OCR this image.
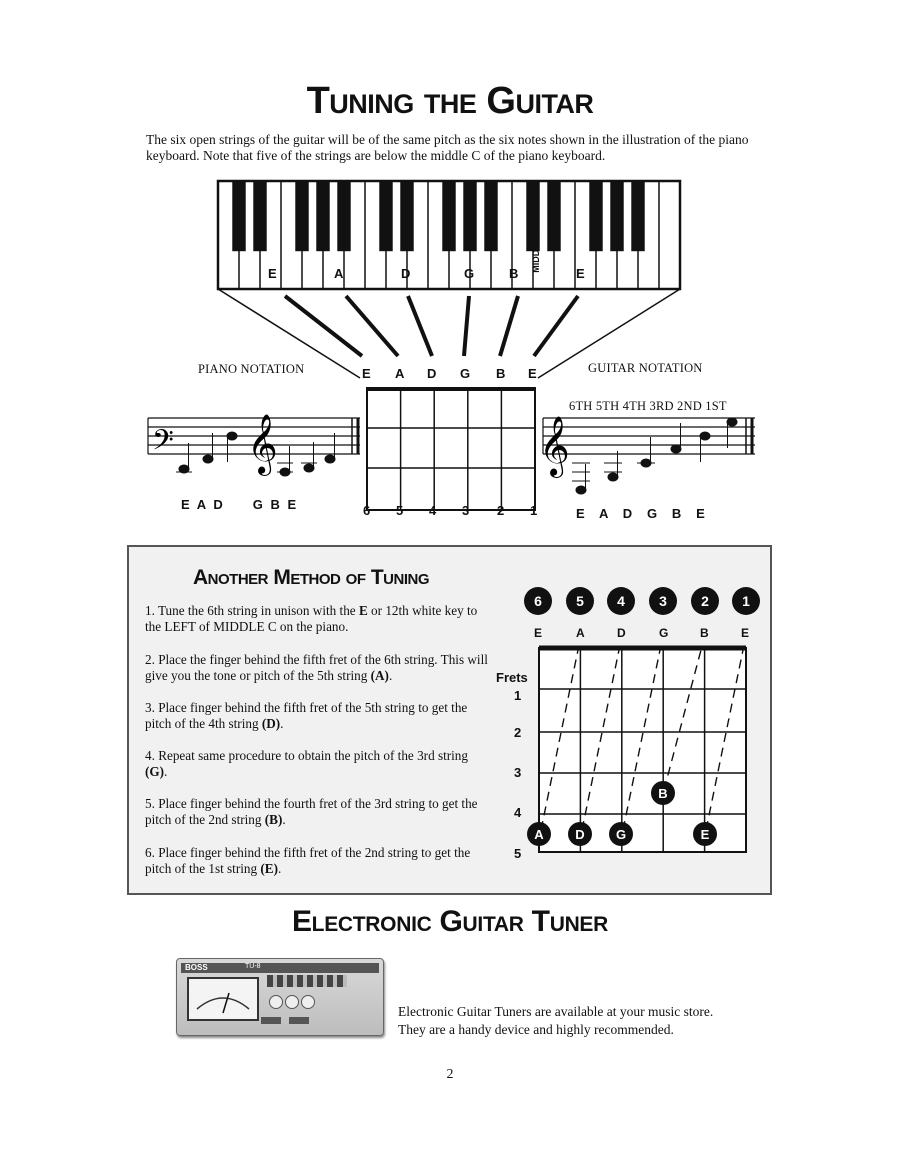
Tuning the Guitar
The six open strings of the guitar will be of the same pitch as the six notes shown in the illustration of the piano keyboard. Note that five of the strings are below the middle C of the piano keyboard.
𝄢 𝄞	𝄞
E	A	D	G	B	E
MIDDLE C
E A D G B E
6 5 4 3 2 1
PIANO NOTATION	GUITAR NOTATION
6TH 5TH 4TH 3RD 2ND 1ST
E A D     G B E
E   A   D   G   B   E
Another Method of Tuning
1. Tune the 6th string in unison with the E or 12th white key to the LEFT of MIDDLE C on the piano.
2. Place the finger behind the fifth fret of the 6th string. This will give you the tone or pitch of the 5th string (A).
3. Place finger behind the fifth fret of the 5th string to get the pitch of the 4th string (D).
4. Repeat same procedure to obtain the pitch of the 3rd string (G).
5. Place finger behind the fourth fret of the 3rd string to get the pitch of the 2nd string (B).
6. Place finger behind the fifth fret of the 2nd string to get the pitch of the 1st string (E).
6	5	4	3	2	1
E	A	D	G	B	E
Frets
1
2
3
4
5
A	D	G
B
E
Electronic Guitar Tuner
BOSS	TU-8
Electronic Guitar Tuners are available at your music store.
They are a handy device and highly recommended.
2
